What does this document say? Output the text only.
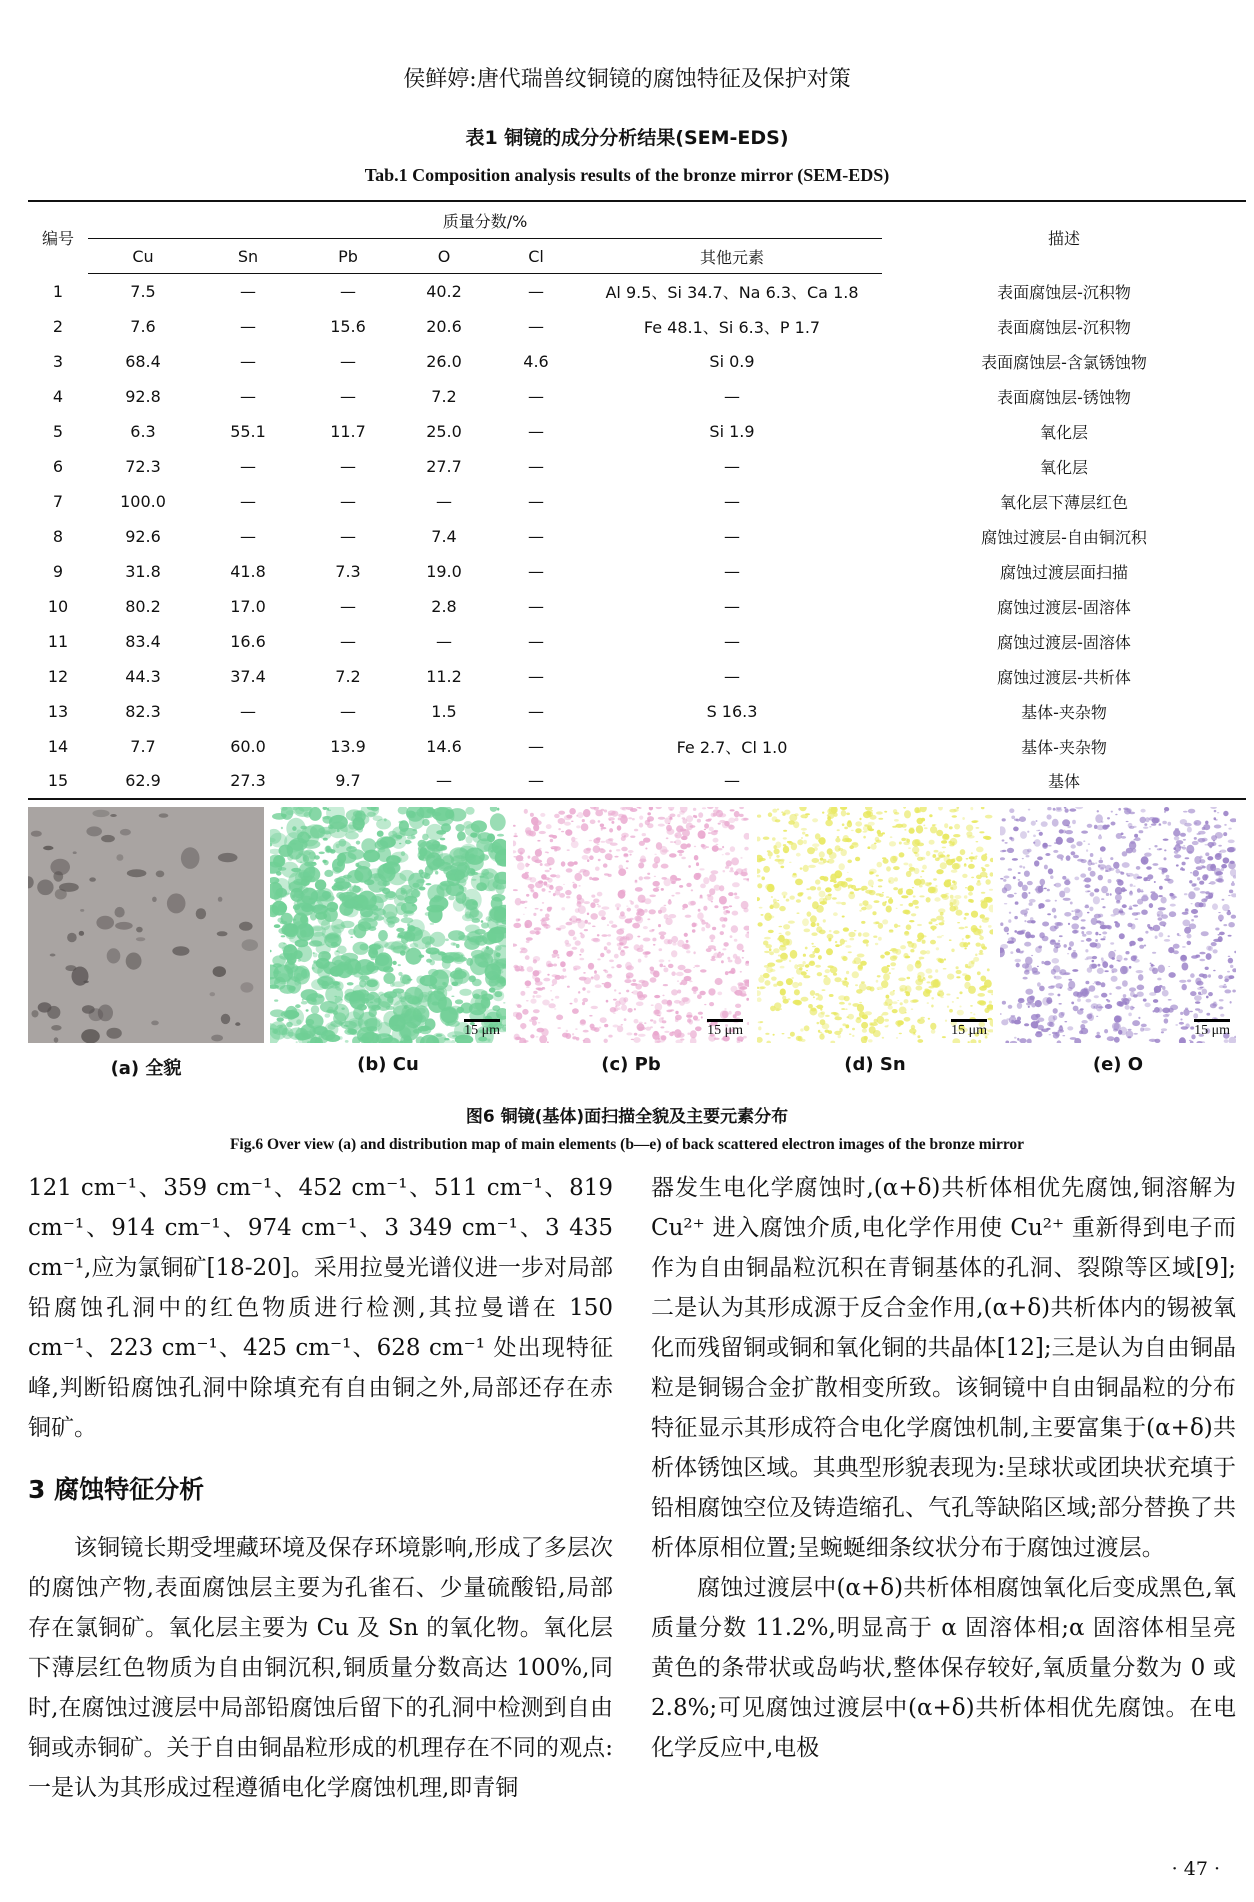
侯鲜婷:唐代瑞兽纹铜镜的腐蚀特征及保护对策
表1 铜镜的成分分析结果(SEM-EDS)
Tab.1 Composition analysis results of the bronze mirror (SEM-EDS)
编号	质量分数/%						描述
	Cu	Sn	Pb	O	Cl	其他元素	
1	7.5	—	—	40.2	—	Al 9.5、Si 34.7、Na 6.3、Ca 1.8	表面腐蚀层-沉积物
2	7.6	—	15.6	20.6	—	Fe 48.1、Si 6.3、P 1.7	表面腐蚀层-沉积物
3	68.4	—	—	26.0	4.6	Si 0.9	表面腐蚀层-含氯锈蚀物
4	92.8	—	—	7.2	—	—	表面腐蚀层-锈蚀物
5	6.3	55.1	11.7	25.0	—	Si 1.9	氧化层
6	72.3	—	—	27.7	—	—	氧化层
7	100.0	—	—	—	—	—	氧化层下薄层红色
8	92.6	—	—	7.4	—	—	腐蚀过渡层-自由铜沉积
9	31.8	41.8	7.3	19.0	—	—	腐蚀过渡层面扫描
10	80.2	17.0	—	2.8	—	—	腐蚀过渡层-固溶体
11	83.4	16.6	—	—	—	—	腐蚀过渡层-固溶体
12	44.3	37.4	7.2	11.2	—	—	腐蚀过渡层-共析体
13	82.3	—	—	1.5	—	S 16.3	基体-夹杂物
14	7.7	60.0	13.9	14.6	—	Fe 2.7、Cl 1.0	基体-夹杂物
15	62.9	27.3	9.7	—	—	—	基体
15 μm	15 μm	15 μm	15 μm
(a) 全貌	(b) Cu	(c) Pb	(d) Sn	(e) O
图6 铜镜(基体)面扫描全貌及主要元素分布
Fig.6 Over view (a) and distribution map of main elements (b—e) of back scattered electron images of the bronze mirror

121 cm⁻¹、359 cm⁻¹、452 cm⁻¹、511 cm⁻¹、819 cm⁻¹、914 cm⁻¹、974 cm⁻¹、3 349 cm⁻¹、3 435 cm⁻¹,应为氯铜矿[18-20]。采用拉曼光谱仪进一步对局部铅腐蚀孔洞中的红色物质进行检测,其拉曼谱在 150 cm⁻¹、223 cm⁻¹、425 cm⁻¹、628 cm⁻¹ 处出现特征峰,判断铅腐蚀孔洞中除填充有自由铜之外,局部还存在赤铜矿。

3 腐蚀特征分析

该铜镜长期受埋藏环境及保存环境影响,形成了多层次的腐蚀产物,表面腐蚀层主要为孔雀石、少量硫酸铅,局部存在氯铜矿。氧化层主要为 Cu 及 Sn 的氧化物。氧化层下薄层红色物质为自由铜沉积,铜质量分数高达 100%,同时,在腐蚀过渡层中局部铅腐蚀后留下的孔洞中检测到自由铜或赤铜矿。关于自由铜晶粒形成的机理存在不同的观点:一是认为其形成过程遵循电化学腐蚀机理,即青铜

器发生电化学腐蚀时,(α+δ)共析体相优先腐蚀,铜溶解为 Cu²⁺ 进入腐蚀介质,电化学作用使 Cu²⁺ 重新得到电子而作为自由铜晶粒沉积在青铜基体的孔洞、裂隙等区域[9];二是认为其形成源于反合金作用,(α+δ)共析体内的锡被氧化而残留铜或铜和氧化铜的共晶体[12];三是认为自由铜晶粒是铜锡合金扩散相变所致。该铜镜中自由铜晶粒的分布特征显示其形成符合电化学腐蚀机制,主要富集于(α+δ)共析体锈蚀区域。其典型形貌表现为:呈球状或团块状充填于铅相腐蚀空位及铸造缩孔、气孔等缺陷区域;部分替换了共析体原相位置;呈蜿蜒细条纹状分布于腐蚀过渡层。

腐蚀过渡层中(α+δ)共析体相腐蚀氧化后变成黑色,氧质量分数 11.2%,明显高于 α 固溶体相;α 固溶体相呈亮黄色的条带状或岛屿状,整体保存较好,氧质量分数为 0 或 2.8%;可见腐蚀过渡层中(α+δ)共析体相优先腐蚀。在电化学反应中,电极

· 47 ·
